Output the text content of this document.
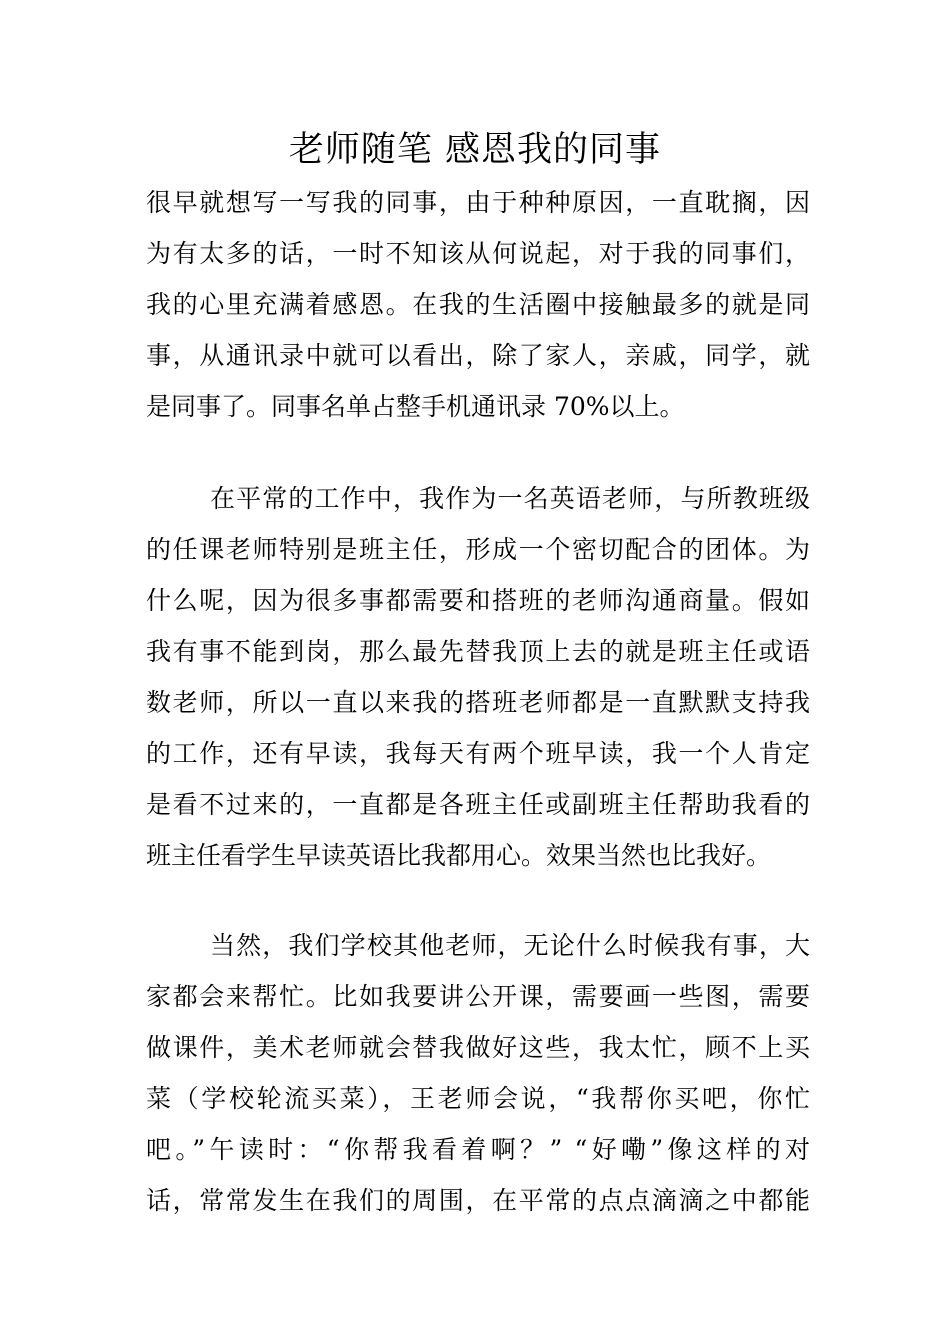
老师随笔 感恩我的同事
很早就想写一写我的同事，由于种种原因，一直耽搁，因
为有太多的话，一时不知该从何说起，对于我的同事们，
我的心里充满着感恩。在我的生活圈中接触最多的就是同
事，从通讯录中就可以看出，除了家人，亲戚，同学，就
是同事了。同事名单占整手机通讯录 70%以上。
在平常的工作中，我作为一名英语老师，与所教班级
的任课老师特别是班主任，形成一个密切配合的团体。为
什么呢，因为很多事都需要和搭班的老师沟通商量。假如
我有事不能到岗，那么最先替我顶上去的就是班主任或语
数老师，所以一直以来我的搭班老师都是一直默默支持我
的工作，还有早读，我每天有两个班早读，我一个人肯定
是看不过来的，一直都是各班主任或副班主任帮助我看的
班主任看学生早读英语比我都用心。效果当然也比我好。
当然，我们学校其他老师，无论什么时候我有事，大
家都会来帮忙。比如我要讲公开课，需要画一些图，需要
做课件，美术老师就会替我做好这些，我太忙，顾不上买
菜（学校轮流买菜），王老师会说，“我帮你买吧，你忙
吧。”午读时：“你帮我看着啊？” “好嘞”像这样的对
话，常常发生在我们的周围，在平常的点点滴滴之中都能
